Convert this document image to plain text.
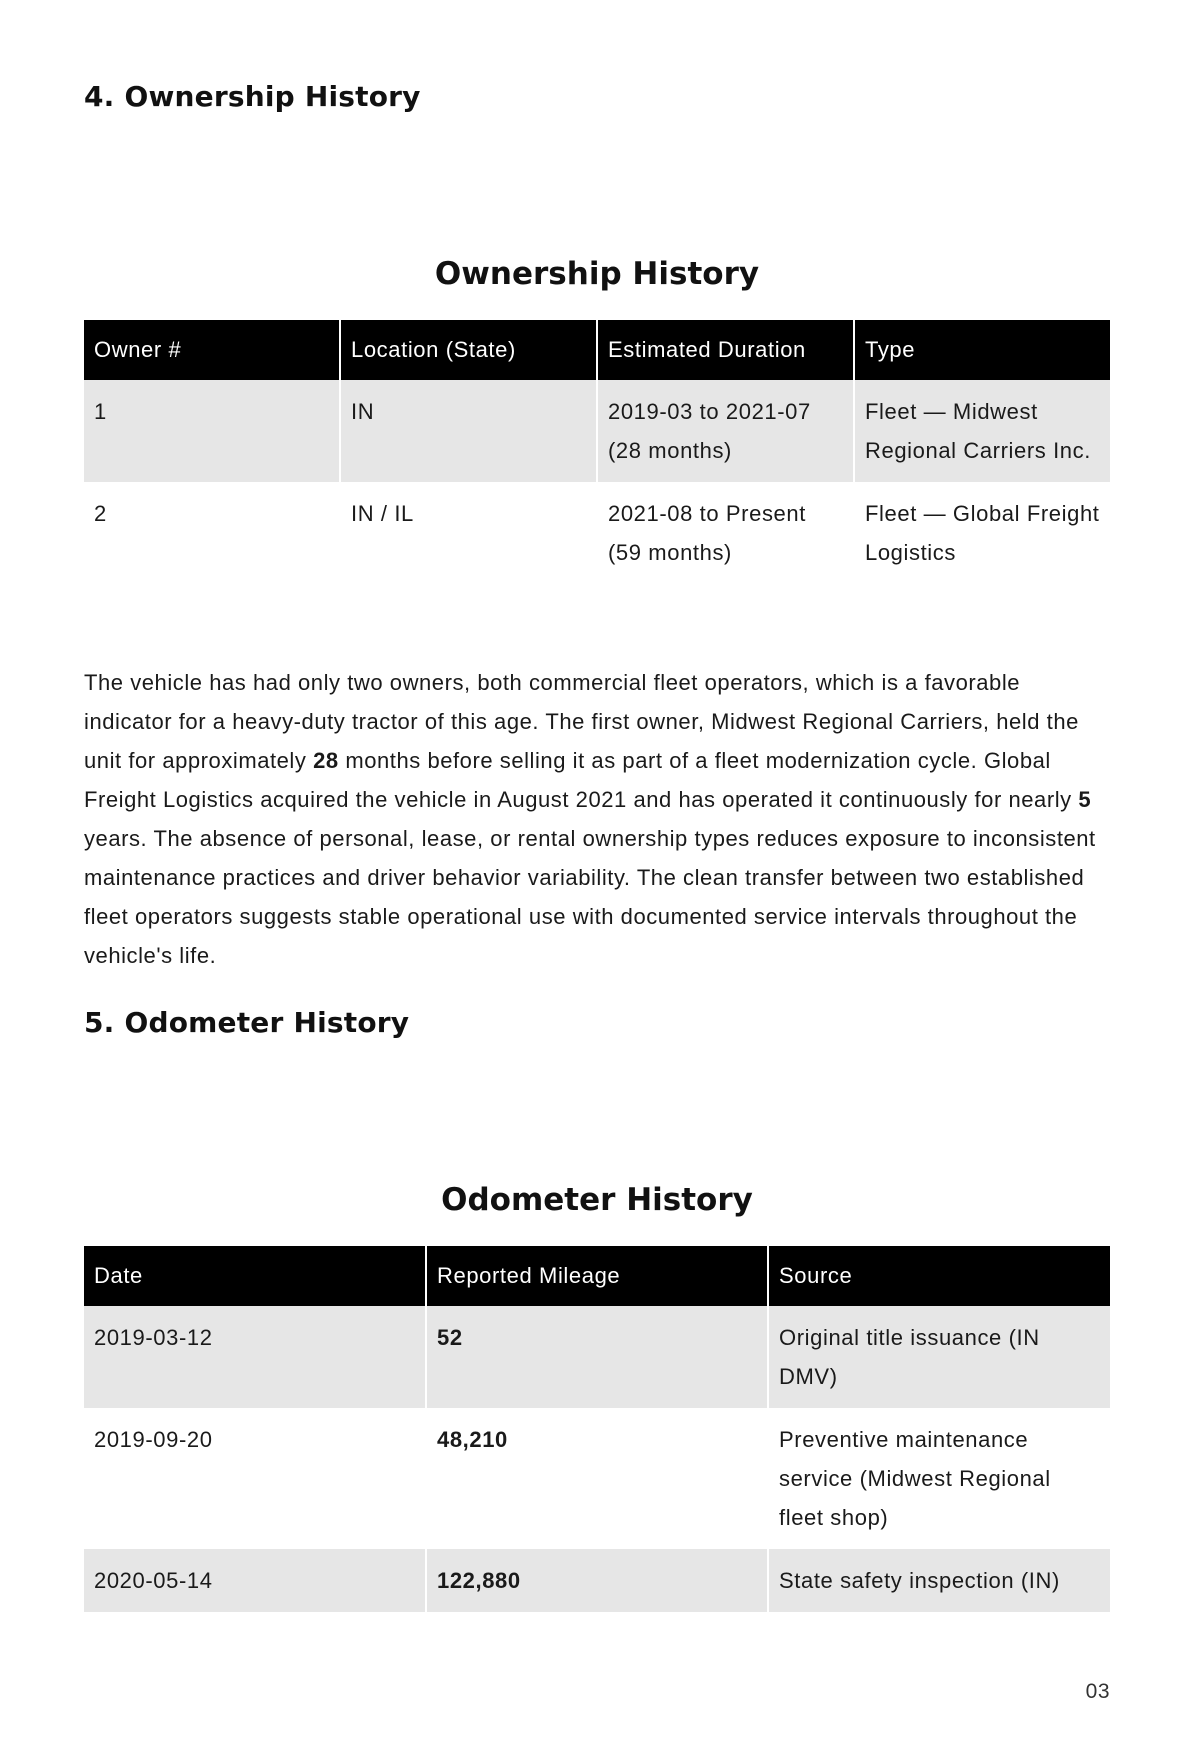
4. Ownership History
Ownership History
Owner #	Location (State)	Estimated Duration	Type
1	IN	2019-03 to 2021-07 (28 months)	Fleet — Midwest Regional Carriers Inc.
2	IN / IL	2021-08 to Present (59 months)	Fleet — Global Freight Logistics

The vehicle has had only two owners, both commercial fleet operators, which is a favorable indicator for a heavy-duty tractor of this age. The first owner, Midwest Regional Carriers, held the unit for approximately 28 months before selling it as part of a fleet modernization cycle. Global Freight Logistics acquired the vehicle in August 2021 and has operated it continuously for nearly 5 years. The absence of personal, lease, or rental ownership types reduces exposure to inconsistent maintenance practices and driver behavior variability. The clean transfer between two established fleet operators suggests stable operational use with documented service intervals throughout the vehicle's life.

5. Odometer History
Odometer History
Date	Reported Mileage	Source
2019-03-12	52	Original title issuance (IN DMV)
2019-09-20	48,210	Preventive maintenance service (Midwest Regional fleet shop)
2020-05-14	122,880	State safety inspection (IN)
03
